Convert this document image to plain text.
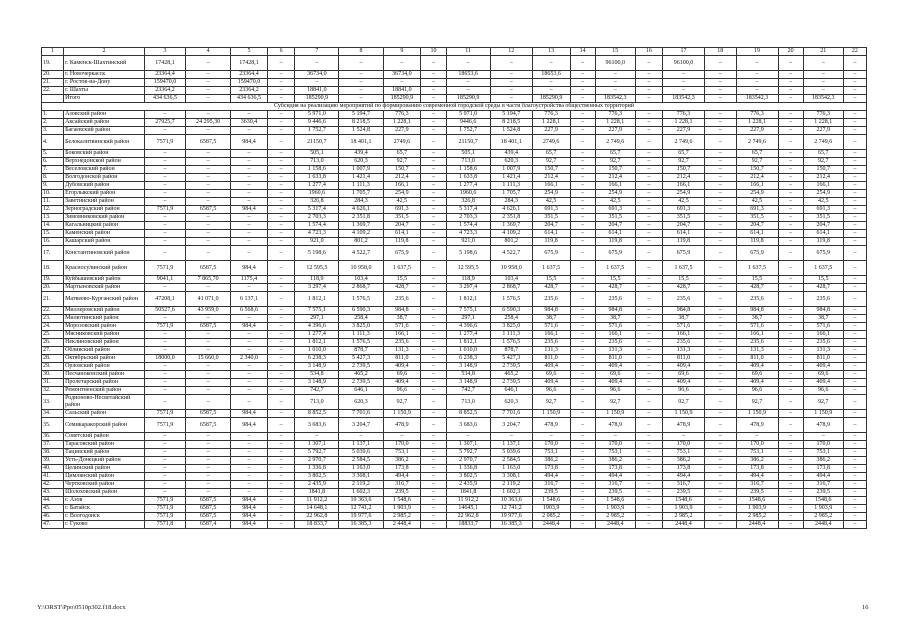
1	2	3	4	5	6	7	8	9	10	11	12	13	14	15	16	17	18	19	20	21	22
19.	г. Каменск-Шахтинский	17428,1	–	17428,1	–	–	–	–	–	–	–	–	–	96100,0	–	96100,0	–	–	–	–	–
20.	г. Новочеркасск	23364,4	–	23364,4	–	36734,0	–	36734,0	–	18653,6	–	18653,6	–	–	–	–	–	–	–	–	–
21.	г. Ростов-на-Дону	159470,0	–	159470,0	–	–	–	–	–	–	–	–	–	–	–	–	–	–	–	–	–
22.	г. Шахты	23364,2	–	23364,2	–	18841,0	–	18841,0	–	–	–	–	–	–	–	–	–	–	–	–	–
	Итого	434 636,5	–	434 636,5	–	185290,9	–	185290,9	–	185290,9	–	185290,9	–	183542,3	–	183542,3	–	183542,3	–	183542,3	–
Субсидия на реализацию мероприятий по формированию современной городской среды в части благоустройства общественных территорий																					
1.	Азовский район	–	–	–	–	5 971,0	5 194,7	776,3	–	5 971,0	5 194,7	776,3	–	776,3	–	776,3	–	776,3	–	776,3	–
2.	Аксайский район	27925,7	24 295,30	3630,4	–	9 446,6	8 218,5	1 228,1	–	9446,6	8 218,5	1 228,1	–	1 228,1	–	1 228,1	–	1 228,1	–	1 228,1	–
3.	Багаевский район	–	–	–	–	1 752,7	1 524,8	227,9	–	1 752,7	1 524,8	227,9	–	227,9	–	227,9	–	227,9	–	227,9	–
4.	Белокалитвинский район	7571,9	6587,5	984,4	–	21150,7	18 401,1	2749,6	–	21150,7	18 401,1	2749,6	–	2 749,6	–	2 749,6	–	2 749,6	–	2 749,6	–
5.	Боковский район	–	–	–	–	505,1	439,4	65,7	–	505,1	439,4	65,7	–	65,7	–	65,7	–	65,7	–	65,7	–
6.	Верхнедонской район	–	–	–	–	713,0	620,3	92,7	–	713,0	620,3	92,7	–	92,7	–	92,7	–	92,7	–	92,7	–
7.	Веселовский район	–	–	–	–	1 158,6	1 007,9	150,7	–	1 158,6	1 007,9	150,7	–	150,7	–	150,7	–	150,7	–	150,7	–
8.	Волгодонской район	–	–	–	–	1 633,8	1 421,4	212,4	–	1 633,8	1 421,4	212,4	–	212,4	–	212,4	–	212,4	–	212,4	–
9.	Дубовский район	–	–	–	–	1 277,4	1 111,3	166,1	–	1 277,4	1 111,3	166,1	–	166,1	–	166,1	–	166,1	–	166,1	–
10.	Егорлыкский район	–	–	–	–	1960,6	1 705,7	254,9	–	1960,6	1 705,7	254,9	–	254,9	–	254,9	–	254,9	–	254,9	–
11.	Заветинский район	–	–	–	–	326,8	284,3	42,5	–	326,8	284,3	42,5	–	42,5	–	42,5	–	42,5	–	42,5	–
12.	Зерноградский район	7571,9	6587,5	984,4	–	5 317,4	4 626,1	691,3	–	5 317,4	4 626,1	691,3	–	691,3	–	691,3	–	691,3	–	691,3	–
13.	Зимовниковский район	–	–	–	–	2 703,3	2 351,8	351,5	–	2 703,3	2 351,8	351,5	–	351,5	–	351,5	–	351,5	–	351,5	–
14.	Кагальницкий район	–	–	–	–	1 574,4	1 369,7	204,7	–	1 574,4	1 369,7	204,7	–	204,7	–	204,7	–	204,7	–	204,7	–
15.	Каменский район	–	–	–	–	4 723,3	4 109,2	614,1	–	4 723,3	4 109,2	614,1	–	614,1	–	614,1	–	614,1	–	614,1	–
16.	Кашарский район	–	–	–	–	921,0	801,2	119,8	–	921,0	801,2	119,8	–	119,8	–	119,8	–	119,8	–	119,8	–
17.	Константиновский район	–	–	–	–	5 198,6	4 522,7	675,9	–	5 198,6	4 522,7	675,9	–	675,9	–	675,9	–	675,9	–	675,9	–
18.	Красносулинский район	7571,9	6587,5	984,4	–	12 595,5	10 958,0	1 637,5	–	12 595,5	10 958,0	1 637,5	–	1 637,5	–	1 637,5	–	1 637,5	–	1 637,5	–
19.	Куйбышевский район	9041,1	7 865,70	1175,4	–	118,9	103,4	15,5	–	118,9	103,4	15,5	–	15,5	–	15,5	–	15,5	–	15,5	–
20.	Мартыновский район	–	–	–	–	3 297,4	2 868,7	428,7	–	3 297,4	2 868,7	428,7	–	428,7	–	428,7	–	428,7	–	428,7	–
21.	Матвеево-Курганский район	47208,1	41 071,0	6 137,1	–	1 812,1	1 576,5	235,6	–	1 812,1	1 576,5	235,6	–	235,6	–	235,6	–	235,6	–	235,6	–
22.	Миллеровский район	50527,6	43 959,0	6 568,6	–	7 575,1	6 590,3	984,8	–	7 575,1	6 590,3	984,8	–	984,8	–	984,8	–	984,8	–	984,8	–
23.	Милютинский район	–	–	–	–	297,1	258,4	38,7	–	297,1	258,4	38,7	–	38,7	–	38,7	–	38,7	–	38,7	–
24.	Морозовский район	7571,9	6587,5	984,4	–	4 396,6	3 825,0	571,6	–	4 396,6	3 825,0	571,6	–	571,6	–	571,6	–	571,6	–	571,6	–
25.	Мясниковский район	–	–	–	–	1 277,4	1 111,3	166,1	–	1 277,4	1 111,3	166,1	–	166,1	–	166,1	–	166,1	–	166,1	–
26.	Неклиновский район	–	–	–	–	1 812,1	1 576,5	235,6	–	1 812,1	1 576,5	235,6	–	235,6	–	235,6	–	235,6	–	235,6	–
27.	Обливский район	–	–	–	–	1 010,0	878,7	131,3	–	1 010,0	878,7	131,3	–	131,3	–	131,3	–	131,3	–	131,3	–
28.	Октябрьский район	18000,0	15 660,0	2 340,0	–	6 238,3	5 427,3	811,0	–	6 238,3	5 427,3	811,0	–	811,0	–	811,0	–	811,0	–	811,0	–
29.	Орловский район	–	–	–	–	3 148,9	2 739,5	409,4	–	3 148,9	2 739,5	409,4	–	409,4	–	409,4	–	409,4	–	409,4	–
30.	Песчанокопский район	–	–	–	–	534,8	465,2	69,6	–	534,8	465,2	69,6	–	69,6	–	69,6	–	69,6	–	69,6	–
31.	Пролетарский район	–	–	–	–	3 148,9	2 739,5	409,4	–	3 148,9	2 739,5	409,4	–	409,4	–	409,4	–	409,4	–	409,4	–
32.	Ремонтненский район	–	–	–	–	742,7	646,1	96,6	–	742,7	646,1	96,6	–	96,6	–	96,6	–	96,6	–	96,6	–
33.	Родионово-Несветайский район	–	–	–	–	713,0	620,3	92,7	–	713,0	620,3	92,7	–	92,7	–	92,7	–	92,7	–	92,7	–
34.	Сальский район	7571,9	6587,5	984,4	–	8 852,5	7 701,6	1 150,9	–	8 852,5	7 701,6	1 150,9	–	1 150,9	–	1 150,9	–	1 150,9	–	1 150,9	–
35.	Семикаракорский район	7571,9	6587,5	984,4	–	3 683,6	3 204,7	478,9	–	3 683,6	3 204,7	478,9	–	478,9	–	478,9	–	478,9	–	478,9	–
36.	Советский район	–	–	–	–	–	–	–	–	–	–	–	–	–	–	–	–	–	–	–	–
37.	Тарасовский район	–	–	–	–	1 307,1	1 137,1	170,0	–	1 307,1	1 137,1	170,0	–	170,0	–	170,0	–	170,0	–	170,0	–
38.	Тацинский район	–	–	–	–	5 792,7	5 039,6	753,1	–	5 792,7	5 039,6	753,1	–	753,1	–	753,1	–	753,1	–	753,1	–
39.	Усть-Донецкий район	–	–	–	–	2 970,7	2 584,5	386,2	–	2 970,7	2 584,5	386,2	–	386,2	–	386,2	–	386,2	–	386,2	–
40.	Целинский район	–	–	–	–	1 336,8	1 163,0	173,8	–	1 336,8	1 163,0	173,8	–	173,8	–	173,8	–	173,8	–	173,8	–
41.	Цимлянский район	–	–	–	–	3 802,5	3 308,1	494,4	–	3 802,5	3 308,1	494,4	–	494,4	–	494,4	–	494,4	–	494,4	–
42.	Чертковский район	–	–	–	–	2 435,9	2 119,2	316,7	–	2 435,9	2 119,2	316,7	–	316,7	–	316,7	–	316,7	–	316,7	–
43.	Шолоховский район	–	–	–	–	1841,8	1 602,3	239,5	–	1841,8	1 602,3	239,5	–	239,5	–	239,5	–	239,5	–	239,5	–
44.	г. Азов	7571,9	6587,5	984,4	–	11 912,2	10 363,6	1 548,6	–	11 912,2	10 363,6	1 548,6	–	1 548,6	–	1548,6	–	1548,6	–	1548,6	–
45.	г. Батайск	7571,9	6587,5	984,4	–	14 648,1	12 741,2	1 903,9	–	14645,1	12 741,2	1903,9	–	1 903,9	–	1 903,9	–	1 903,9	–	1 903,9	–
46.	г. Волгодонск	7571,9	6587,5	984,4	–	22 962,8	19 977,6	2 985,2	–	22 962,8	19 977,6	2 985,2	–	2 985,2	–	2 985,2	–	2 985,2	–	2 985,2	–
47.	г. Гуково	7571,8	6587,4	984,4	–	18 833,7	16 385,3	2 448,4	–	18833,7	16 385,3	2448,4	–	2448,4	–	2448,4	–	2448,4	–	2448,4	–
Y:\ORST\Ppo\0510p302.f18.docx	16
